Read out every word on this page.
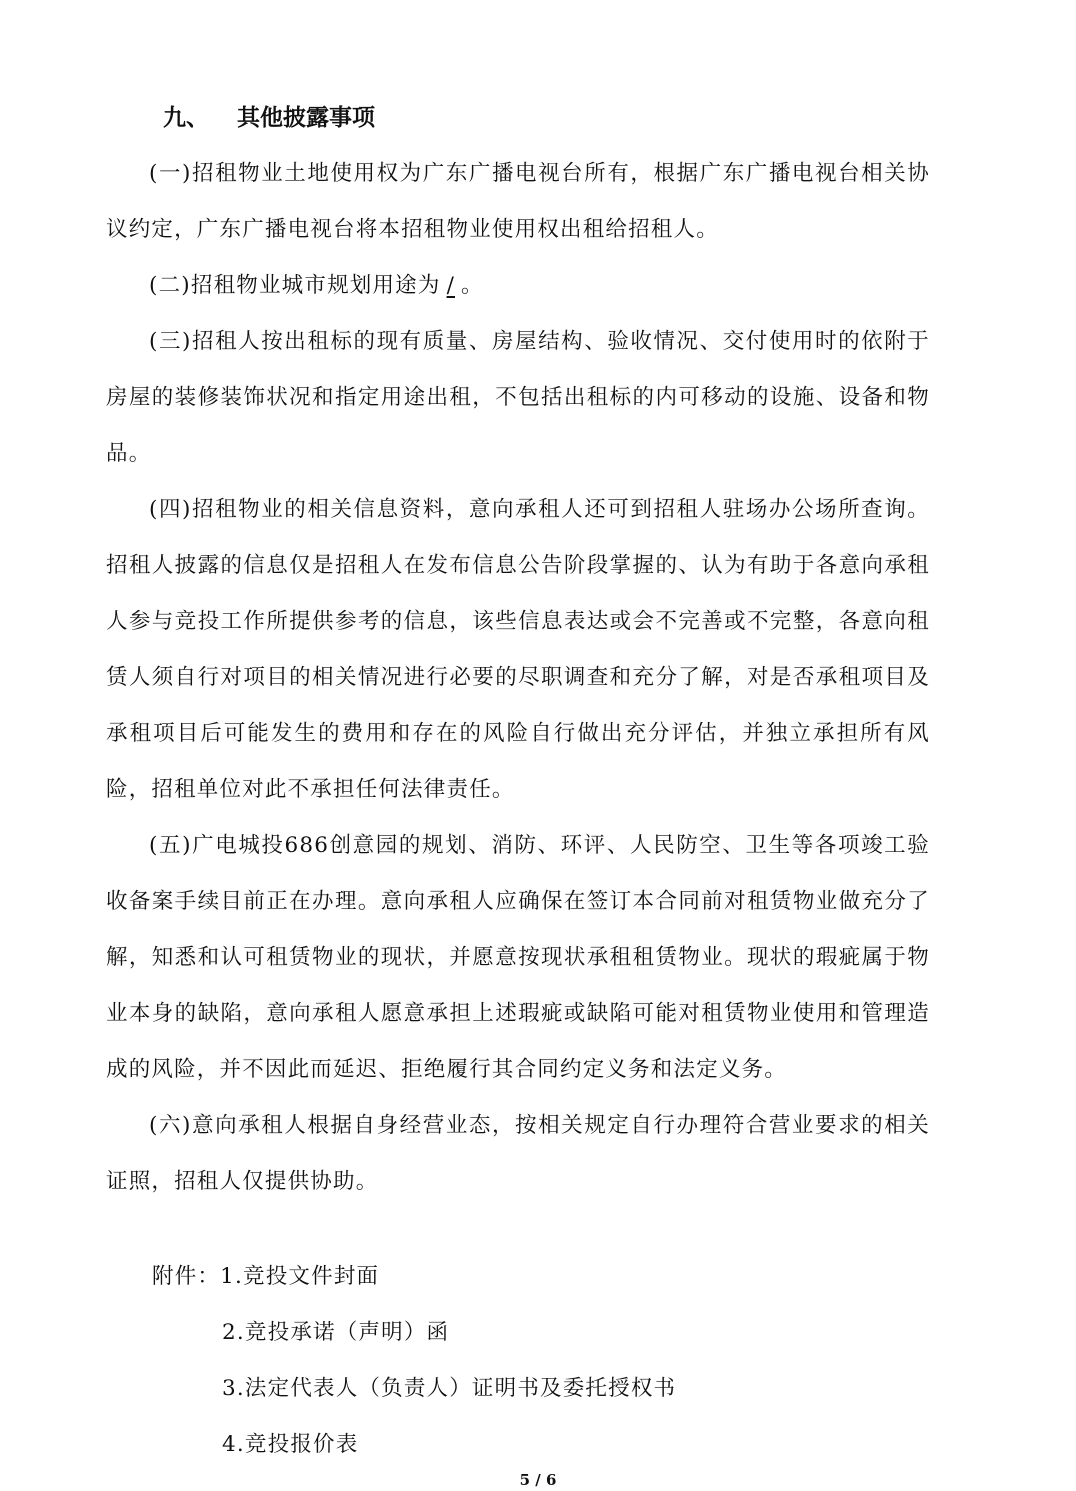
九、 其他披露事项

(一)招租物业土地使用权为广东广播电视台所有，根据广东广播电视台相关协议约定，广东广播电视台将本招租物业使用权出租给招租人。

(二)招租物业城市规划用途为 / 。

(三)招租人按出租标的现有质量、房屋结构、验收情况、交付使用时的依附于房屋的装修装饰状况和指定用途出租，不包括出租标的内可移动的设施、设备和物品。

(四)招租物业的相关信息资料，意向承租人还可到招租人驻场办公场所查询。招租人披露的信息仅是招租人在发布信息公告阶段掌握的、认为有助于各意向承租人参与竞投工作所提供参考的信息，该些信息表达或会不完善或不完整，各意向租赁人须自行对项目的相关情况进行必要的尽职调查和充分了解，对是否承租项目及承租项目后可能发生的费用和存在的风险自行做出充分评估，并独立承担所有风险，招租单位对此不承担任何法律责任。

(五)广电城投686创意园的规划、消防、环评、人民防空、卫生等各项竣工验收备案手续目前正在办理。意向承租人应确保在签订本合同前对租赁物业做充分了解，知悉和认可租赁物业的现状，并愿意按现状承租租赁物业。现状的瑕疵属于物业本身的缺陷，意向承租人愿意承担上述瑕疵或缺陷可能对租赁物业使用和管理造成的风险，并不因此而延迟、拒绝履行其合同约定义务和法定义务。

(六)意向承租人根据自身经营业态，按相关规定自行办理符合营业要求的相关证照，招租人仅提供协助。

附件：1.竞投文件封面
2.竞投承诺（声明）函
3.法定代表人（负责人）证明书及委托授权书
4.竞投报价表
5 / 6
